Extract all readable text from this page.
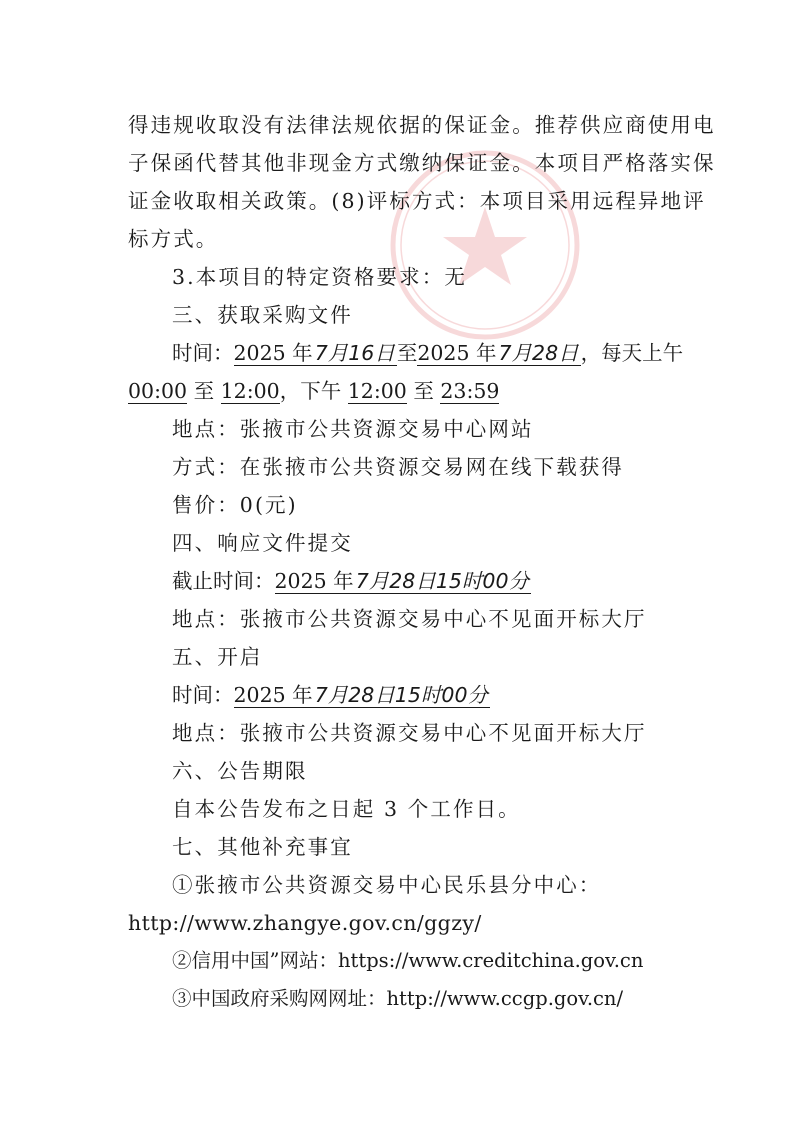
得违规收取没有法律法规依据的保证金。推荐供应商使用电
子保函代替其他非现金方式缴纳保证金。本项目严格落实保
证金收取相关政策。(8)评标方式：本项目采用远程异地评
标方式。
3.本项目的特定资格要求：无
三、获取采购文件
时间：2025 年7月16日至2025 年7月28日，每天上午
00:00 至 12:00，下午 12:00 至 23:59
地点：张掖市公共资源交易中心网站
方式：在张掖市公共资源交易网在线下载获得
售价：0(元)
四、响应文件提交
截止时间：2025 年7月28日15时00分
地点：张掖市公共资源交易中心不见面开标大厅
五、开启
时间：2025 年7月28日15时00分
地点：张掖市公共资源交易中心不见面开标大厅
六、公告期限
自本公告发布之日起 3 个工作日。
七、其他补充事宜
①张掖市公共资源交易中心民乐县分中心：
http://www.zhangye.gov.cn/ggzy/
②信用中国”网站：https://www.creditchina.gov.cn
③中国政府采购网网址：http://www.ccgp.gov.cn/
